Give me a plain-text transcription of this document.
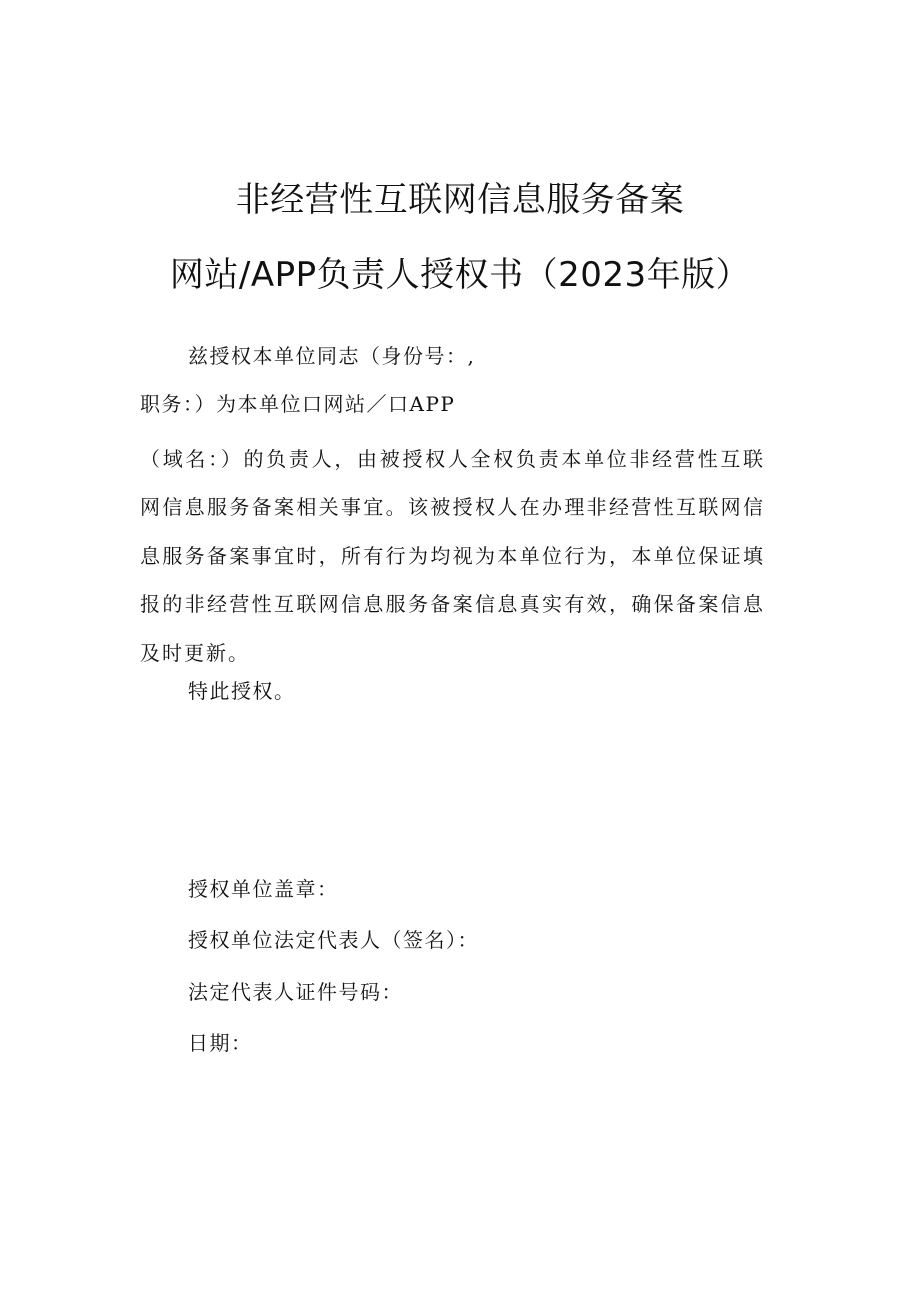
非经营性互联网信息服务备案
网站/APP负责人授权书（2023年版）
兹授权本单位同志（身份号：,
职务：）为本单位口网站／口APP

（域名：）的负责人，由被授权人全权负责本单位非经营性互联网信息服务备案相关事宜。该被授权人在办理非经营性互联网信息服务备案事宜时，所有行为均视为本单位行为，本单位保证填报的非经营性互联网信息服务备案信息真实有效，确保备案信息及时更新。

特此授权。
授权单位盖章：
授权单位法定代表人（签名）：
法定代表人证件号码：
日期：
